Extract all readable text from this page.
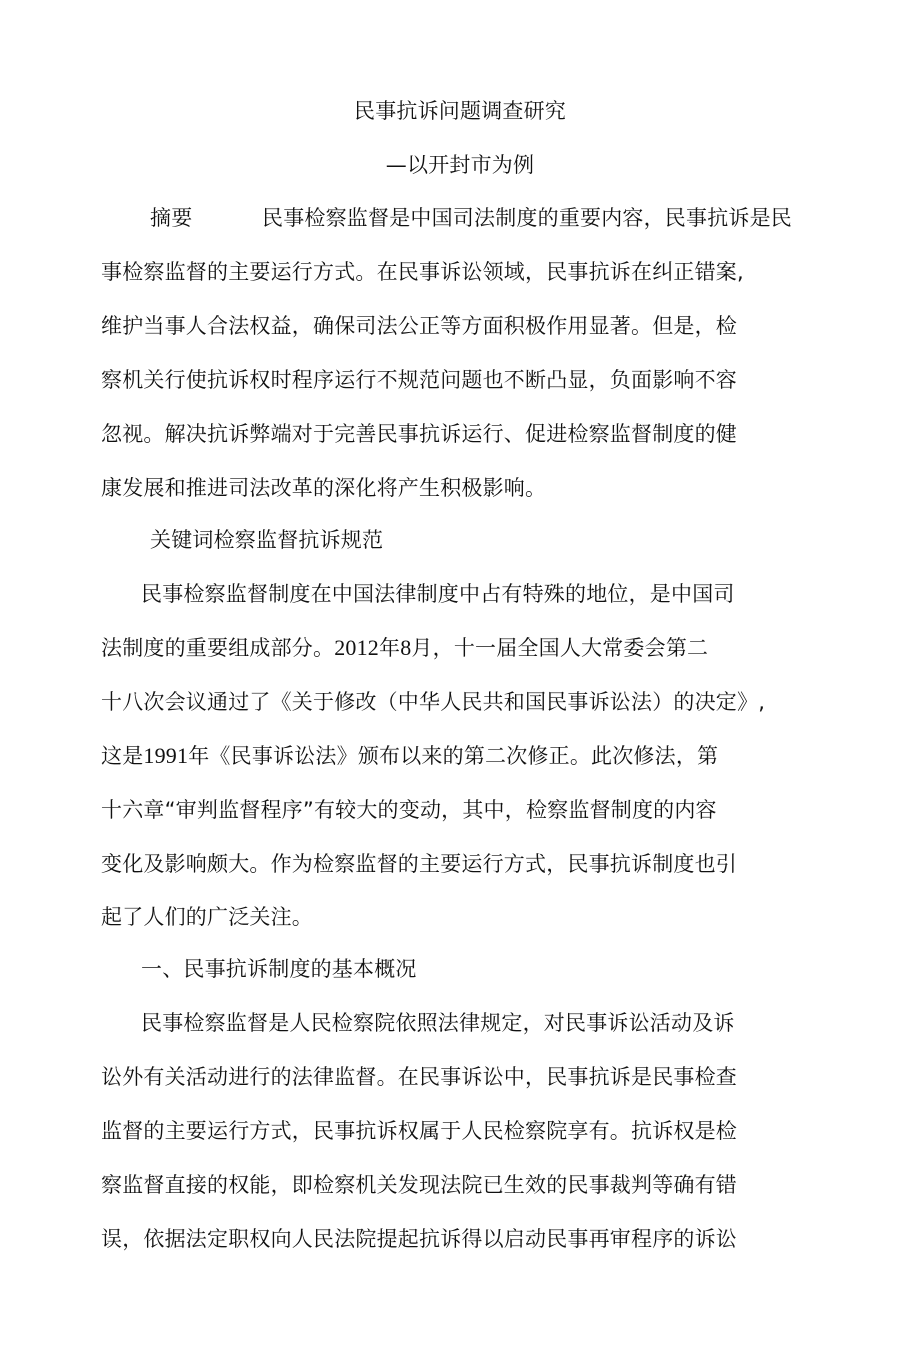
民事抗诉问题调查研究
—以开封市为例
摘要	民事检察监督是中国司法制度的重要内容，民事抗诉是民
事检察监督的主要运行方式。在民事诉讼领域，民事抗诉在纠正错案,
维护当事人合法权益，确保司法公正等方面积极作用显著。但是，检
察机关行使抗诉权时程序运行不规范问题也不断凸显，负面影响不容
忽视。解决抗诉弊端对于完善民事抗诉运行、促进检察监督制度的健
康发展和推进司法改革的深化将产生积极影响。
关键词检察监督抗诉规范
民事检察监督制度在中国法律制度中占有特殊的地位，是中国司
法制度的重要组成部分。2012年8月，十一届全国人大常委会第二
十八次会议通过了《关于修改（中华人民共和国民事诉讼法）的决定》,
这是1991年《民事诉讼法》颁布以来的第二次修正。此次修法，第
十六章“审判监督程序”有较大的变动，其中，检察监督制度的内容
变化及影响颇大。作为检察监督的主要运行方式，民事抗诉制度也引
起了人们的广泛关注。
一、民事抗诉制度的基本概况
民事检察监督是人民检察院依照法律规定，对民事诉讼活动及诉
讼外有关活动进行的法律监督。在民事诉讼中，民事抗诉是民事检查
监督的主要运行方式，民事抗诉权属于人民检察院享有。抗诉权是检
察监督直接的权能，即检察机关发现法院已生效的民事裁判等确有错
误，依据法定职权向人民法院提起抗诉得以启动民事再审程序的诉讼
